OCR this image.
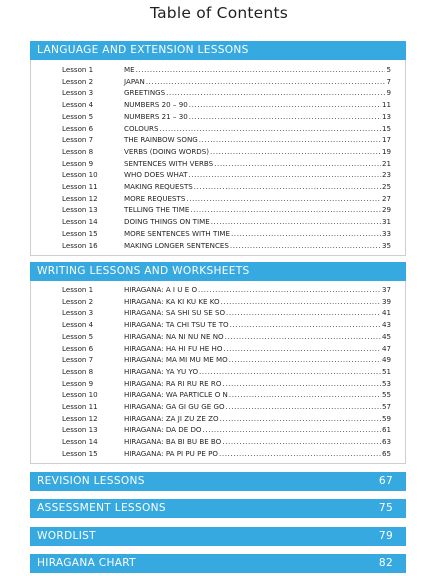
Table of Contents
LANGUAGE AND EXTENSION LESSONS
Lesson 1	ME .....	5
Lesson 2	JAPAN .....	7
Lesson 3	GREETINGS .....	9
Lesson 4	NUMBERS 20 – 90 .....	11
Lesson 5	NUMBERS 21 – 30 .....	13
Lesson 6	COLOURS .....	15
Lesson 7	THE RAINBOW SONG .....	17
Lesson 8	VERBS (DOING WORDS) .....	19
Lesson 9	SENTENCES WITH VERBS .....	21
Lesson 10	WHO DOES WHAT .....	23
Lesson 11	MAKING REQUESTS .....	25
Lesson 12	MORE REQUESTS .....	27
Lesson 13	TELLING THE TIME .....	29
Lesson 14	DOING THINGS ON TIME .....	31
Lesson 15	MORE SENTENCES WITH TIME .....	33
Lesson 16	MAKING LONGER SENTENCES .....	35
WRITING LESSONS AND WORKSHEETS
Lesson 1	HIRAGANA: A I U E O .....	37
Lesson 2	HIRAGANA: KA KI KU KE KO .....	39
Lesson 3	HIRAGANA: SA SHI SU SE SO .....	41
Lesson 4	HIRAGANA: TA CHI TSU TE TO .....	43
Lesson 5	HIRAGANA: NA NI NU NE NO .....	45
Lesson 6	HIRAGANA: HA HI FU HE HO .....	47
Lesson 7	HIRAGANA: MA MI MU ME MO .....	49
Lesson 8	HIRAGANA: YA YU YO .....	51
Lesson 9	HIRAGANA: RA RI RU RE RO .....	53
Lesson 10	HIRAGANA: WA PARTICLE O N .....	55
Lesson 11	HIRAGANA: GA GI GU GE GO .....	57
Lesson 12	HIRAGANA: ZA JI ZU ZE ZO .....	59
Lesson 13	HIRAGANA: DA DE DO .....	61
Lesson 14	HIRAGANA: BA BI BU BE BO .....	63
Lesson 15	HIRAGANA: PA PI PU PE PO .....	65
REVISION LESSONS	67
ASSESSMENT LESSONS	75
WORDLIST	79
HIRAGANA CHART	82
